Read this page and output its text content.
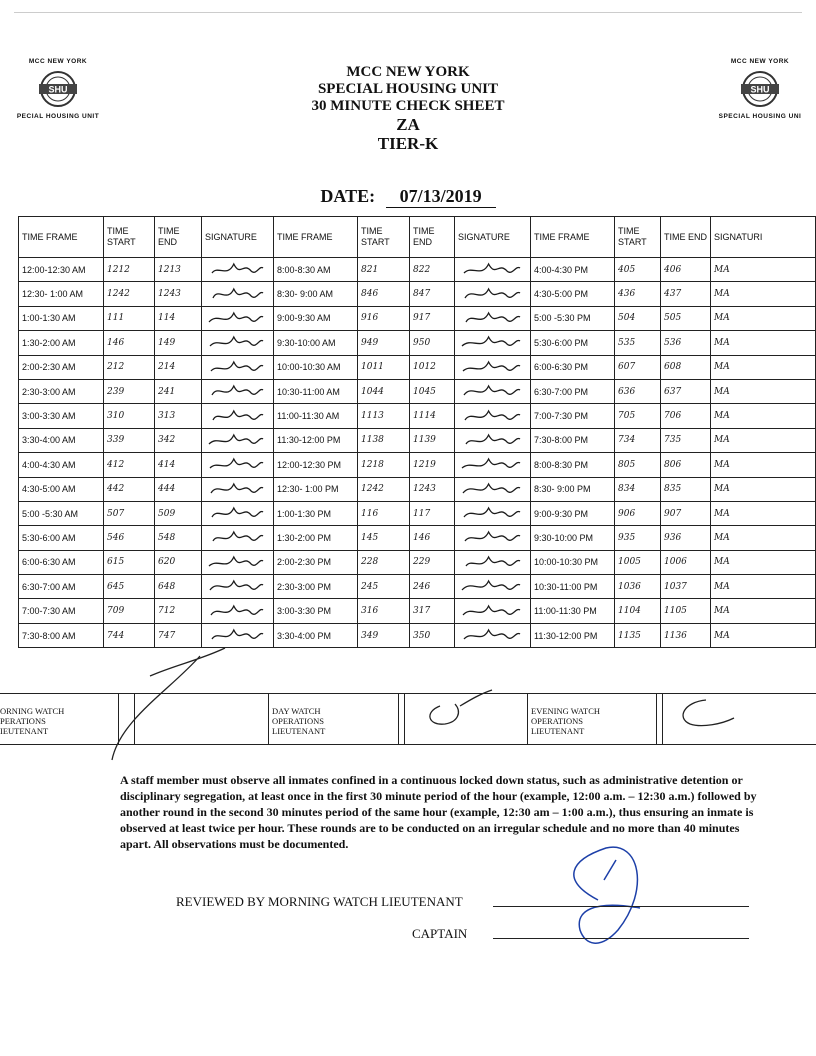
MCC NEW YORK
SHU
PECIAL HOUSING UNIT
MCC NEW YORK
SHU
SPECIAL HOUSING UNI
MCC NEW YORK
SPECIAL HOUSING UNIT
30 MINUTE CHECK SHEET
ZA
TIER-K
DATE: 07/13/2019
TIME FRAME	TIME START	TIME END	SIGNATURE	TIME FRAME	TIME START	TIME END	SIGNATURE	TIME FRAME	TIME START	TIME END	SIGNATURI
12:00-12:30 AM	1212	1213		8:00-8:30 AM	821	822		4:00-4:30 PM	405	406	MA
12:30- 1:00 AM	1242	1243		8:30- 9:00 AM	846	847		4:30-5:00 PM	436	437	MA
1:00-1:30 AM	111	114		9:00-9:30 AM	916	917		5:00 -5:30 PM	504	505	MA
1:30-2:00 AM	146	149		9:30-10:00 AM	949	950		5:30-6:00 PM	535	536	MA
2:00-2:30 AM	212	214		10:00-10:30 AM	1011	1012		6:00-6:30 PM	607	608	MA
2:30-3:00 AM	239	241		10:30-11:00 AM	1044	1045		6:30-7:00 PM	636	637	MA
3:00-3:30 AM	310	313		11:00-11:30 AM	1113	1114		7:00-7:30 PM	705	706	MA
3:30-4:00 AM	339	342		11:30-12:00 PM	1138	1139		7:30-8:00 PM	734	735	MA
4:00-4:30 AM	412	414		12:00-12:30 PM	1218	1219		8:00-8:30 PM	805	806	MA
4:30-5:00 AM	442	444		12:30- 1:00 PM	1242	1243		8:30- 9:00 PM	834	835	MA
5:00 -5:30 AM	507	509		1:00-1:30 PM	116	117		9:00-9:30 PM	906	907	MA
5:30-6:00 AM	546	548		1:30-2:00 PM	145	146		9:30-10:00 PM	935	936	MA
6:00-6:30 AM	615	620		2:00-2:30 PM	228	229		10:00-10:30 PM	1005	1006	MA
6:30-7:00 AM	645	648		2:30-3:00 PM	245	246		10:30-11:00 PM	1036	1037	MA
7:00-7:30 AM	709	712		3:00-3:30 PM	316	317		11:00-11:30 PM	1104	1105	MA
7:30-8:00 AM	744	747		3:30-4:00 PM	349	350		11:30-12:00 PM	1135	1136	MA
ORNING WATCH
PERATIONS
IEUTENANT
DAY WATCH
OPERATIONS
LIEUTENANT
EVENING WATCH
OPERATIONS
LIEUTENANT
A staff member must observe all inmates confined in a continuous locked down status, such as administrative detention or disciplinary segregation, at least once in the first 30 minute period of the hour (example, 12:00 a.m. – 12:30 a.m.) followed by another round in the second 30 minutes period of the same hour (example, 12:30 am – 1:00 a.m.), thus ensuring an inmate is observed at least twice per hour. These rounds are to be conducted on an irregular schedule and no more than 40 minutes apart. All observations must be documented.
REVIEWED BY MORNING WATCH LIEUTENANT
CAPTAIN
